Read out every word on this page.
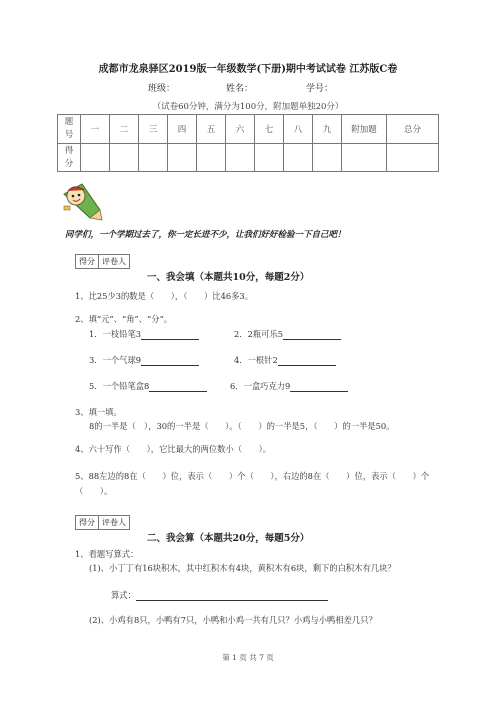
成都市龙泉驿区2019版一年级数学(下册)期中考试试卷 江苏版C卷
班级：	姓名：	学号：
（试卷60分钟，满分为100分，附加题单独20分）
题
号	一	二	三	四	五	六	七	八	九	附加题	总分

得
分											

同学们，一个学期过去了，你一定长进不少，让我们好好检验一下自己吧！
得分 评卷人
一、我会填（本题共10分，每题2分）
1、比25少3的数是（　　），（　　）比46多3。
2、填“元”、“角”、“分”。
1．一枝铅笔3	2．2瓶可乐5
3．一个气球9	4．一根针2
5．一个铅笔盒8	6．一盒巧克力9
3、填一填。
8的一半是（　），30的一半是（　　）。（　　）的一半是5，（　　）的一半是50。
4、六十写作（　　），它比最大的两位数小（　　）。
5、88左边的8在（　　）位，表示（　　）个（　　），右边的8在（　　）位，表示（　　）个
（　　）。
得分 评卷人
二、我会算（本题共20分，每题5分）
1、看题写算式：
(1)、小丁丁有16块积木，其中红积木有4块，黄积木有6块，剩下的白积木有几块？
算式：
(2)、小鸡有8只，小鸭有7只，小鸭和小鸡一共有几只？小鸡与小鸭相差几只？
第 1 页 共 7 页
